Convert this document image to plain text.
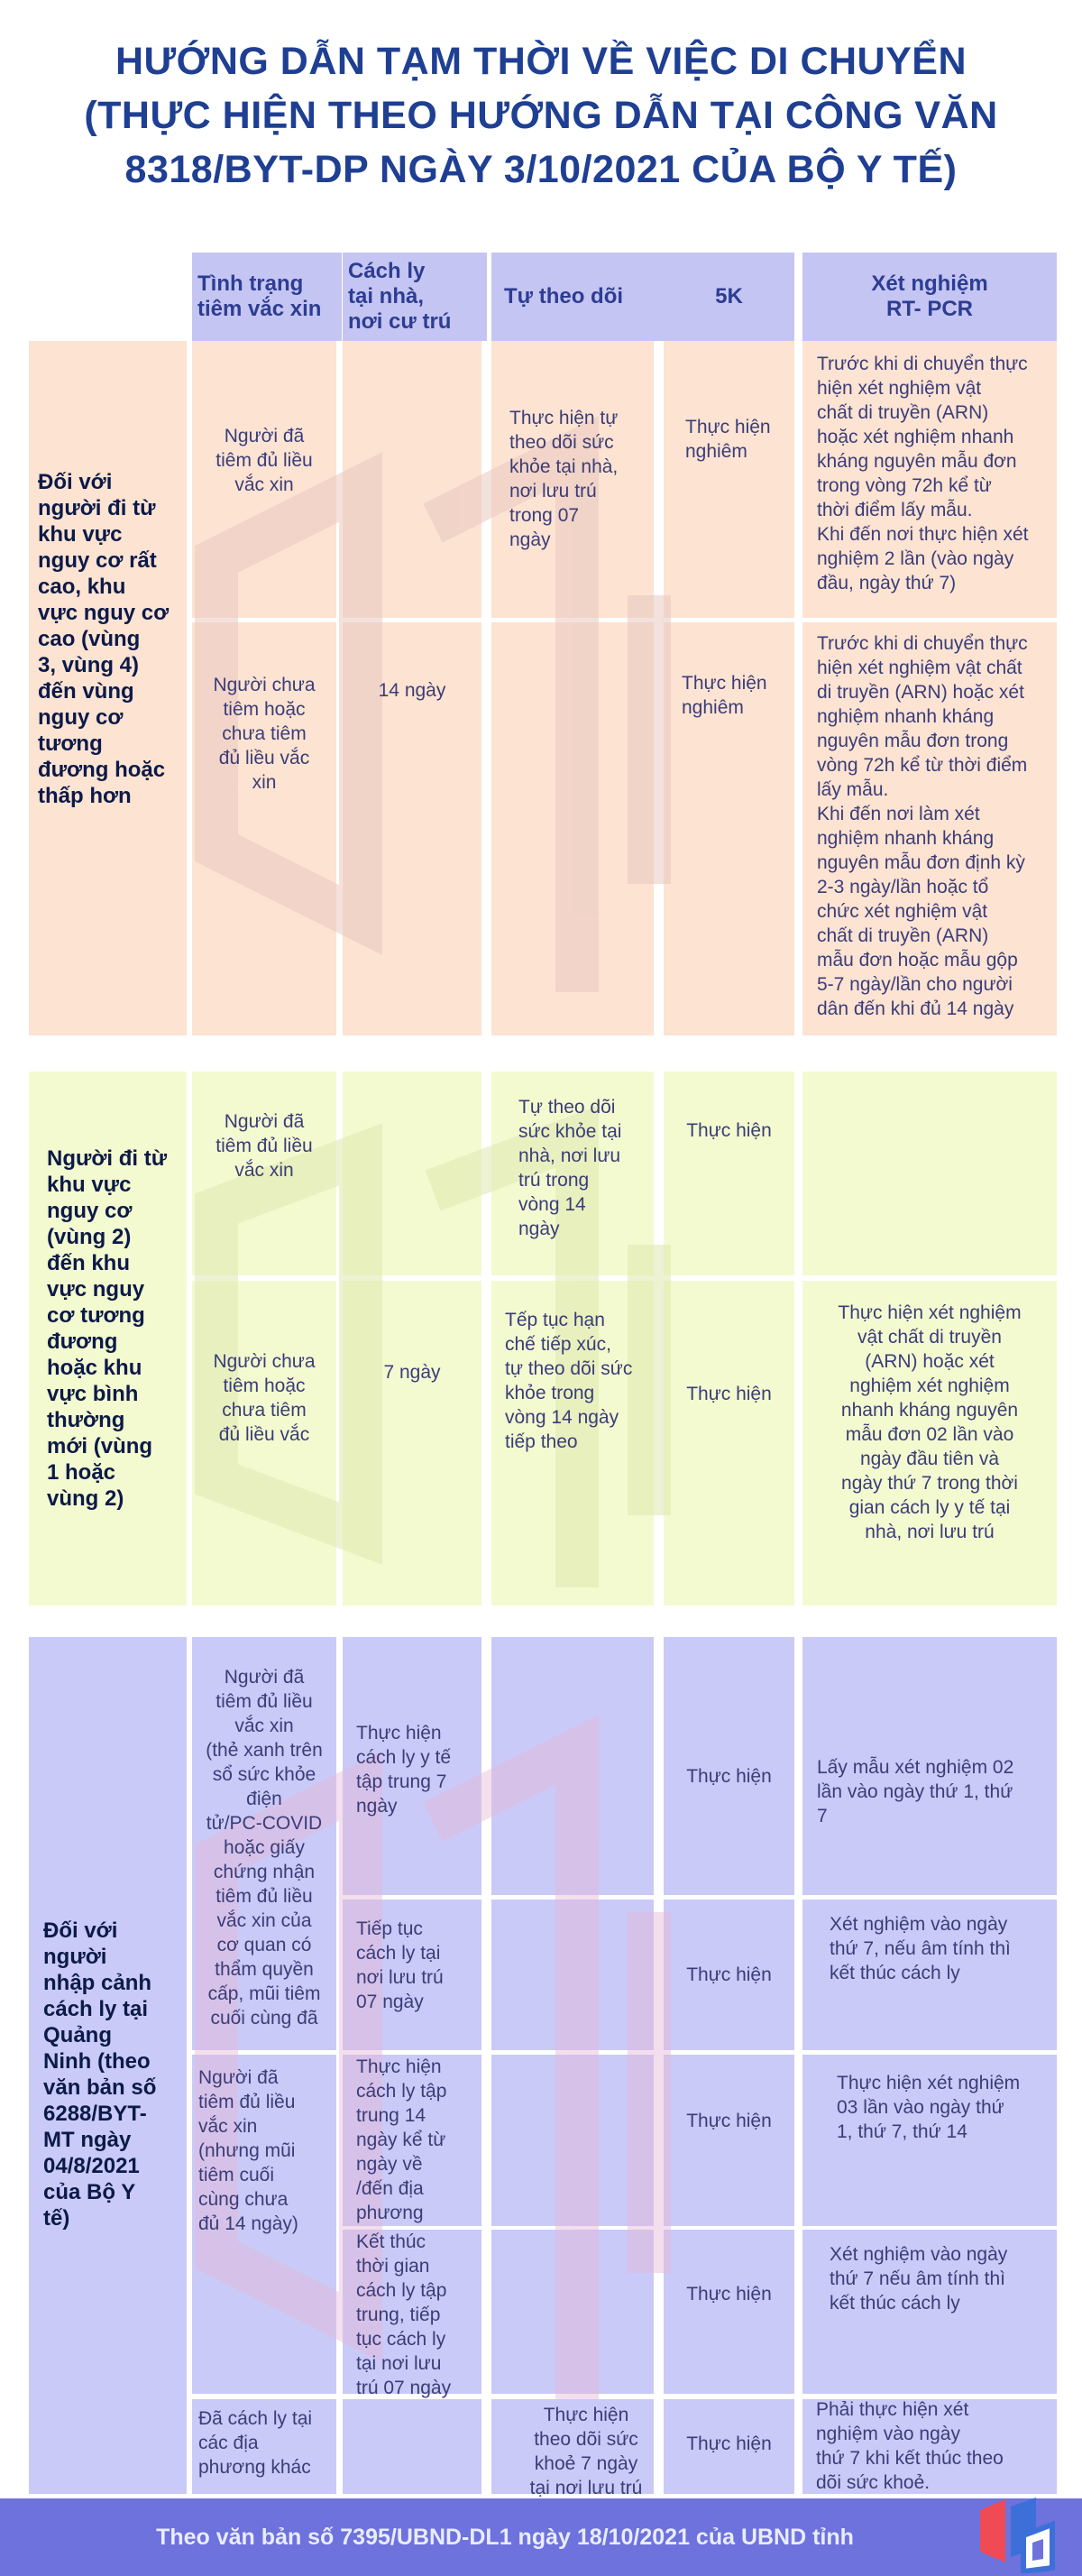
HƯỚNG DẪN TẠM THỜI VỀ VIỆC DI CHUYỂN
(THỰC HIỆN THEO HƯỚNG DẪN TẠI CÔNG VĂN
8318/BYT-DP NGÀY 3/10/2021 CỦA BỘ Y TẾ)
Tình trạng
tiêm vắc xin
Cách ly
tại nhà,
nơi cư trú
Tự theo dõi	5K
Xét nghiệm
RT- PCR
Đối với
người đi từ
khu vực
nguy cơ rất
cao, khu
vực nguy cơ
cao (vùng
3, vùng 4)
đến vùng
nguy cơ
tương
đương hoặc
thấp hơn
Người đã
tiêm đủ liều
vắc xin
Thực hiện tự
theo dõi sức
khỏe tại nhà,
nơi lưu trú
trong 07
ngày
Thực hiện
nghiêm
Trước khi di chuyển thực
hiện xét nghiệm vật
chất di truyền (ARN)
hoặc xét nghiệm nhanh
kháng nguyên mẫu đơn
trong vòng 72h kể từ
thời điểm lấy mẫu.
Khi đến nơi thực hiện xét
nghiệm 2 lần (vào ngày
đầu, ngày thứ 7)
Người chưa
tiêm hoặc
chưa tiêm
đủ liều vắc
xin
14 ngày	Thực hiện
nghiêm
Trước khi di chuyển thực
hiện xét nghiệm vật chất
di truyền (ARN) hoặc xét
nghiệm nhanh kháng
nguyên mẫu đơn trong
vòng 72h kể từ thời điểm
lấy mẫu.
Khi đến nơi làm xét
nghiệm nhanh kháng
nguyên mẫu đơn định kỳ
2-3 ngày/lần hoặc tổ
chức xét nghiệm vật
chất di truyền (ARN)
mẫu đơn hoặc mẫu gộp
5-7 ngày/lần cho người
dân đến khi đủ 14 ngày
Người đi từ
khu vực
nguy cơ
(vùng 2)
đến khu
vực nguy
cơ tương
đương
hoặc khu
vực bình
thường
mới (vùng
1 hoặc
vùng 2)
Người đã
tiêm đủ liều
vắc xin
Tự theo dõi
sức khỏe tại
nhà, nơi lưu
trú trong
vòng 14
ngày
Thực hiện
Người chưa
tiêm hoặc
chưa tiêm
đủ liều vắc
7 ngày
Tếp tục hạn
chế tiếp xúc,
tự theo dõi sức
khỏe trong
vòng 14 ngày
tiếp theo
Thực hiện
Thực hiện xét nghiệm
vật chất di truyền
(ARN) hoặc xét
nghiệm xét nghiệm
nhanh kháng nguyên
mẫu đơn 02 lần vào
ngày đầu tiên và
ngày thứ 7 trong thời
gian cách ly y tế tại
nhà, nơi lưu trú
Đối với
người
nhập cảnh
cách ly tại
Quảng
Ninh (theo
văn bản số
6288/BYT-
MT ngày
04/8/2021
của Bộ Y
tế)
Người đã
tiêm đủ liều
vắc xin
(thẻ xanh trên
sổ sức khỏe
điện
tử/PC-COVID
hoặc giấy
chứng nhận
tiêm đủ liều
vắc xin của
cơ quan có
thẩm quyền
cấp, mũi tiêm
cuối cùng đã
Người đã
tiêm đủ liều
vắc xin
(nhưng mũi
tiêm cuối
cùng chưa
đủ 14 ngày)
Đã cách ly tại
các địa
phương khác
Thực hiện
cách ly y tế
tập trung 7
ngày
Tiếp tục
cách ly tại
nơi lưu trú
07 ngày
Thực hiện
cách ly tập
trung 14
ngày kể từ
ngày về
/đến địa
phương
Kết thúc
thời gian
cách ly tập
trung, tiếp
tục cách ly
tại nơi lưu
trú 07 ngày
Thực hiện
theo dõi sức
khoẻ 7 ngày
tại nơi lưu trú
Thực hiện
Thực hiện
Thực hiện
Thực hiện
Thực hiện
Lấy mẫu xét nghiệm 02
lần vào ngày thứ 1, thứ
7
Xét nghiệm vào ngày
thứ 7, nếu âm tính thì
kết thúc cách ly
Thực hiện xét nghiệm
03 lần vào ngày thứ
1, thứ 7, thứ 14
Xét nghiệm vào ngày
thứ 7 nếu âm tính thì
kết thúc cách ly
Phải thực hiện xét
nghiệm vào ngày
thứ 7 khi kết thúc theo
dõi sức khoẻ.
Theo văn bản số 7395/UBND-DL1 ngày 18/10/2021 của UBND tỉnh
